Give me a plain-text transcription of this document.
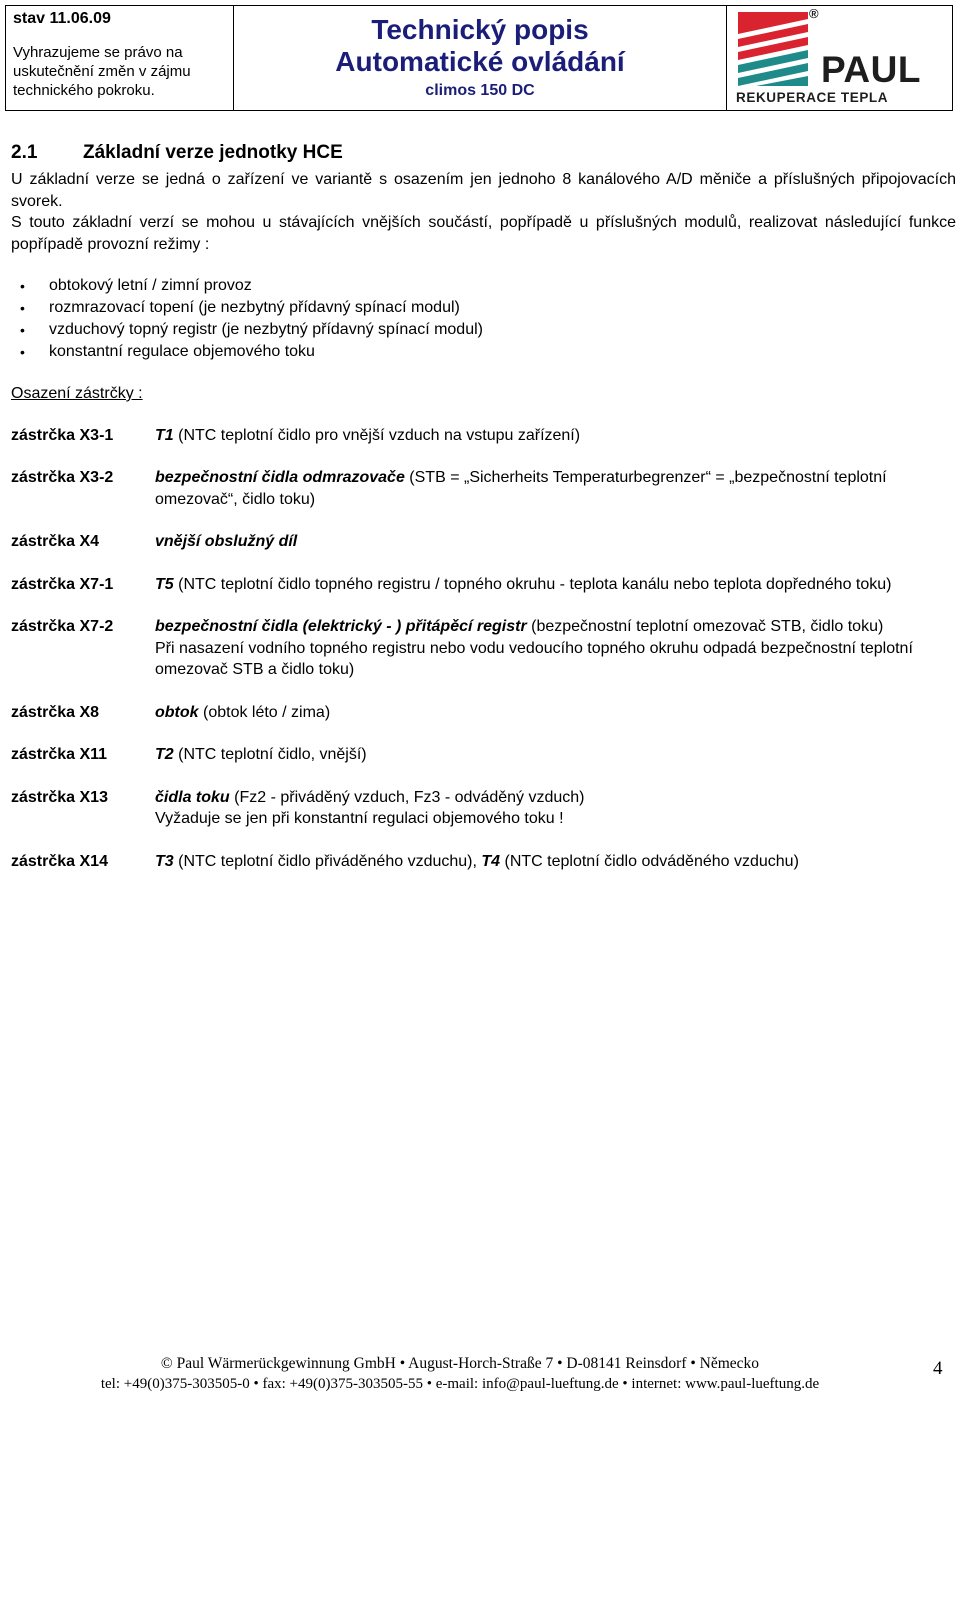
stav 11.06.09
Vyhrazujeme se právo na
uskutečnění změn v zájmu
technického pokroku.
Technický popis
Automatické ovládání
climos 150 DC
®
PAUL
REKUPERACE TEPLA
2.1	Základní verze jednotky HCE

U základní verze se jedná o zařízení ve variantě s osazením jen jednoho 8 kanálového A/D měniče a příslušných připojovacích svorek.

S touto základní verzí se mohou u stávajících vnějších součástí, popřípadě u příslušných modulů, realizovat následující funkce popřípadě provozní režimy :

• obtokový letní / zimní provoz
• rozmrazovací topení (je nezbytný přídavný spínací modul)
• vzduchový topný registr (je nezbytný přídavný spínací modul)
• konstantní regulace objemového toku
Osazení zástrčky :
zástrčka X3-1	T1 (NTC teplotní čidlo pro vnější vzduch na vstupu zařízení)
zástrčka X3-2	bezpečnostní čidla odmrazovače (STB = „Sicherheits Temperaturbegrenzer“ = „bezpečnostní teplotní omezovač“, čidlo toku)
zástrčka X4	vnější obslužný díl
zástrčka X7-1	T5 (NTC teplotní čidlo topného registru / topného okruhu - teplota kanálu nebo teplota dopředného toku)
zástrčka X7-2	bezpečnostní čidla (elektrický - ) přitápěcí registr (bezpečnostní teplotní omezovač STB, čidlo toku)
Při nasazení vodního topného registru nebo vodu vedoucího topného okruhu odpadá bezpečnostní teplotní omezovač STB a čidlo toku)
zástrčka X8	obtok (obtok léto / zima)
zástrčka X11	T2 (NTC teplotní čidlo, vnější)
zástrčka X13	čidla toku (Fz2 - přiváděný vzduch, Fz3 - odváděný vzduch)
Vyžaduje se jen při konstantní regulaci objemového toku !
zástrčka X14	T3 (NTC teplotní čidlo přiváděného vzduchu), T4 (NTC teplotní čidlo odváděného vzduchu)
© Paul Wärmerückgewinnung GmbH • August-Horch-Straße 7 • D-08141 Reinsdorf • Německo
tel: +49(0)375-303505-0 • fax: +49(0)375-303505-55 • e-mail: info@paul-lueftung.de • internet: www.paul-lueftung.de
4
